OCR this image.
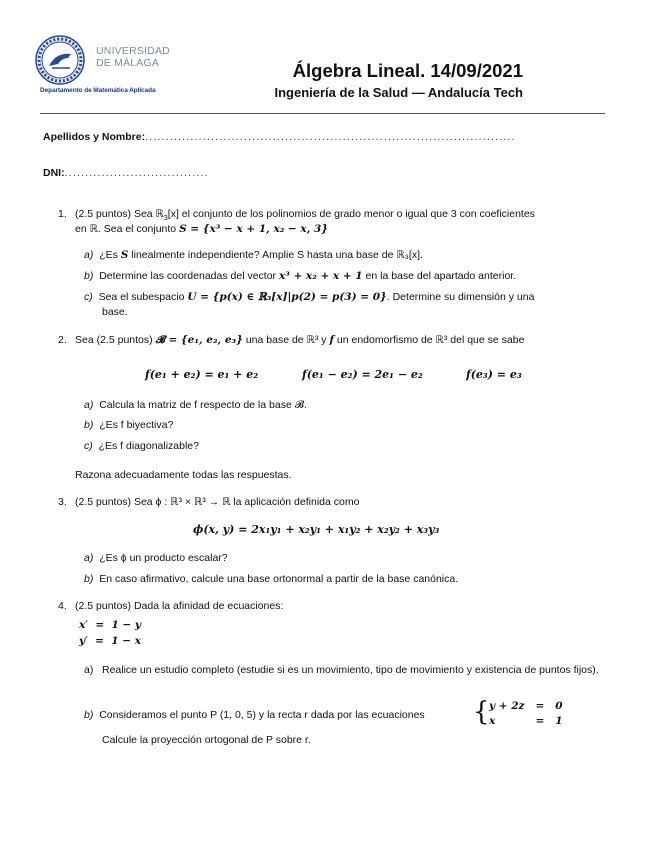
UNIVERSIDAD
DE MÁLAGA
Departamento de Matemática Aplicada
Álgebra Lineal. 14/09/2021
Ingeniería de la Salud — Andalucía Tech
Apellidos y Nombre:..........................................................................................
DNI:...................................
1. (2.5 puntos) Sea ℝ$_3$[x] el conjunto de los polinomios de grado menor o igual que 3 con coeficientes
en ℝ. Sea el conjunto S = {x³ − x + 1, x₂ − x, 3}
a) ¿Es S linealmente independiente? Amplie S hasta una base de ℝ₃[x].
b) Determine las coordenadas del vector x³ + x₂ + x + 1 en la base del apartado anterior.
c) Sea el subespacio U = {p(x) ∈ ℝ₃[x]|p(2) = p(3) = 0}. Determine su dimensión y una
base.
2. Sea (2.5 puntos) 𝓑 = {e₁, e₂, e₃} una base de ℝ³ y f un endomorfismo de ℝ³ del que se sabe
f(e₁ + e₂) = e₁ + e₂	f(e₁ − e₂) = 2e₁ − e₂	f(e₃) = e₃
a) Calcula la matriz de f respecto de la base 𝓑.
b) ¿Es f biyectiva?
c) ¿Es f diagonalizable?
Razona adecuadamente todas las respuestas.
3. (2.5 puntos) Sea ϕ : ℝ³ × ℝ³ → ℝ la aplicación definida como
ϕ(x, y) = 2x₁y₁ + x₂y₁ + x₁y₂ + x₂y₂ + x₃y₃
a) ¿Es ϕ un producto escalar?
b) En caso afirmativo, calcule una base ortonormal a partir de la base canónica.
4. (2.5 puntos) Dada la afinidad de ecuaciones:
x′  =  1 − y
y′  =  1 − x
a) Realice un estudio completo (estudie si es un movimiento, tipo de movimiento y existencia de puntos fijos).
b) Consideramos el punto P (1, 0, 5) y la recta r dada por las ecuaciones { y + 2z   =   0
x           =   1
Calcule la proyección ortogonal de P sobre r.
